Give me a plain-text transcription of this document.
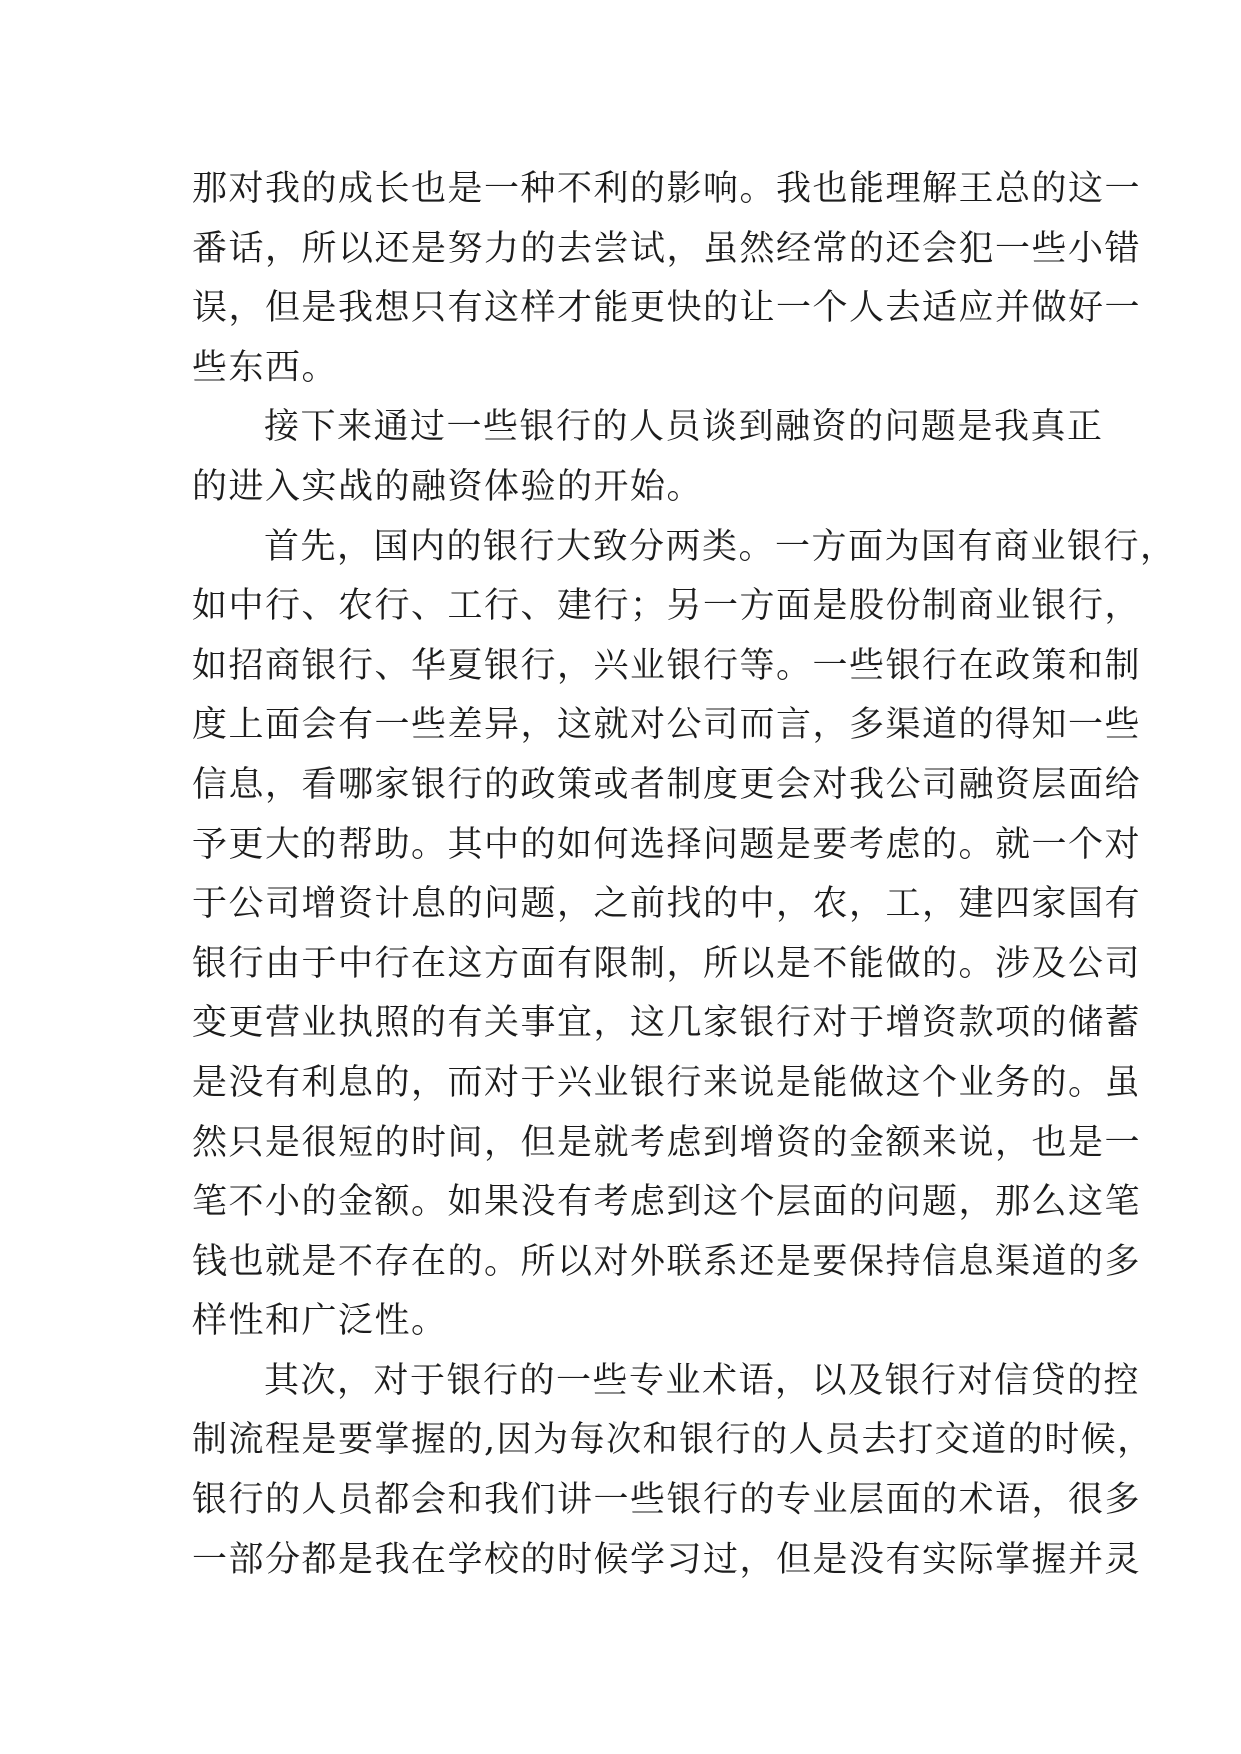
那对我的成长也是一种不利的影响。我也能理解王总的这一
番话，所以还是努力的去尝试，虽然经常的还会犯一些小错
误，但是我想只有这样才能更快的让一个人去适应并做好一
些东西。
接下来通过一些银行的人员谈到融资的问题是我真正
的进入实战的融资体验的开始。
首先，国内的银行大致分两类。一方面为国有商业银行，
如中行、农行、工行、建行；另一方面是股份制商业银行，
如招商银行、华夏银行，兴业银行等。一些银行在政策和制
度上面会有一些差异，这就对公司而言，多渠道的得知一些
信息，看哪家银行的政策或者制度更会对我公司融资层面给
予更大的帮助。其中的如何选择问题是要考虑的。就一个对
于公司增资计息的问题，之前找的中，农，工，建四家国有
银行由于中行在这方面有限制，所以是不能做的。涉及公司
变更营业执照的有关事宜，这几家银行对于增资款项的储蓄
是没有利息的，而对于兴业银行来说是能做这个业务的。虽
然只是很短的时间，但是就考虑到增资的金额来说，也是一
笔不小的金额。如果没有考虑到这个层面的问题，那么这笔
钱也就是不存在的。所以对外联系还是要保持信息渠道的多
样性和广泛性。
其次，对于银行的一些专业术语，以及银行对信贷的控
制流程是要掌握的,因为每次和银行的人员去打交道的时候，
银行的人员都会和我们讲一些银行的专业层面的术语，很多
一部分都是我在学校的时候学习过，但是没有实际掌握并灵
